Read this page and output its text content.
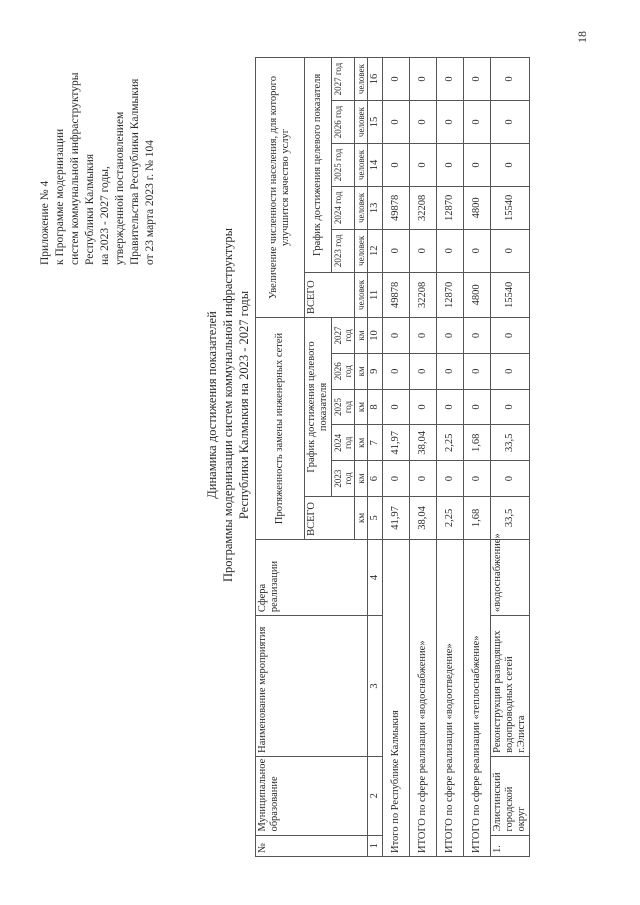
18
Приложение № 4 к Программе модернизации систем коммунальной инфраструктуры Республики Калмыкия на 2023 - 2027 годы, утвержденной постановлением Правительства Республики Калмыкия от 23 марта 2023 г. № 104
Динамика достижения показателей Программы модернизации систем коммунальной инфраструктуры Республики Калмыкия на 2023 - 2027 годы
№	Муниципальное образование	Наименование мероприятия	Сфера реализации	Протяженность замены инженерных сетей						Увеличение численности населения, для которого улучшится качество услуг					
				ВСЕГО	График достижения целевого показателя					ВСЕГО	График достижения целевого показателя				
					2023 год	2024 год	2025 год	2026 год	2027 год		2023 год	2024 год	2025 год	2026 год	2027 год
				км	км	км	км	км	км	человек	человек	человек	человек	человек	человек
1	2	3	4	5	6	7	8	9	10	11	12	13	14	15	16
Итого по Республике Калмыкия				41,97	0	41,97	0	0	0	49878	0	49878	0	0	0
ИТОГО по сфере реализации «водоснабжение»				38,04	0	38,04	0	0	0	32208	0	32208	0	0	0
ИТОГО по сфере реализации «водоотведение»				2,25	0	2,25	0	0	0	12870	0	12870	0	0	0
ИТОГО по сфере реализации «теплоснабжение»				1,68	0	1,68	0	0	0	4800	0	4800	0	0	0
1.	Элистинский городской округ	Реконструкция разводящих водопроводных сетей г.Элиста	«водоснабжение»	33,5	0	33,5	0	0	0	15540	0	15540	0	0	0
